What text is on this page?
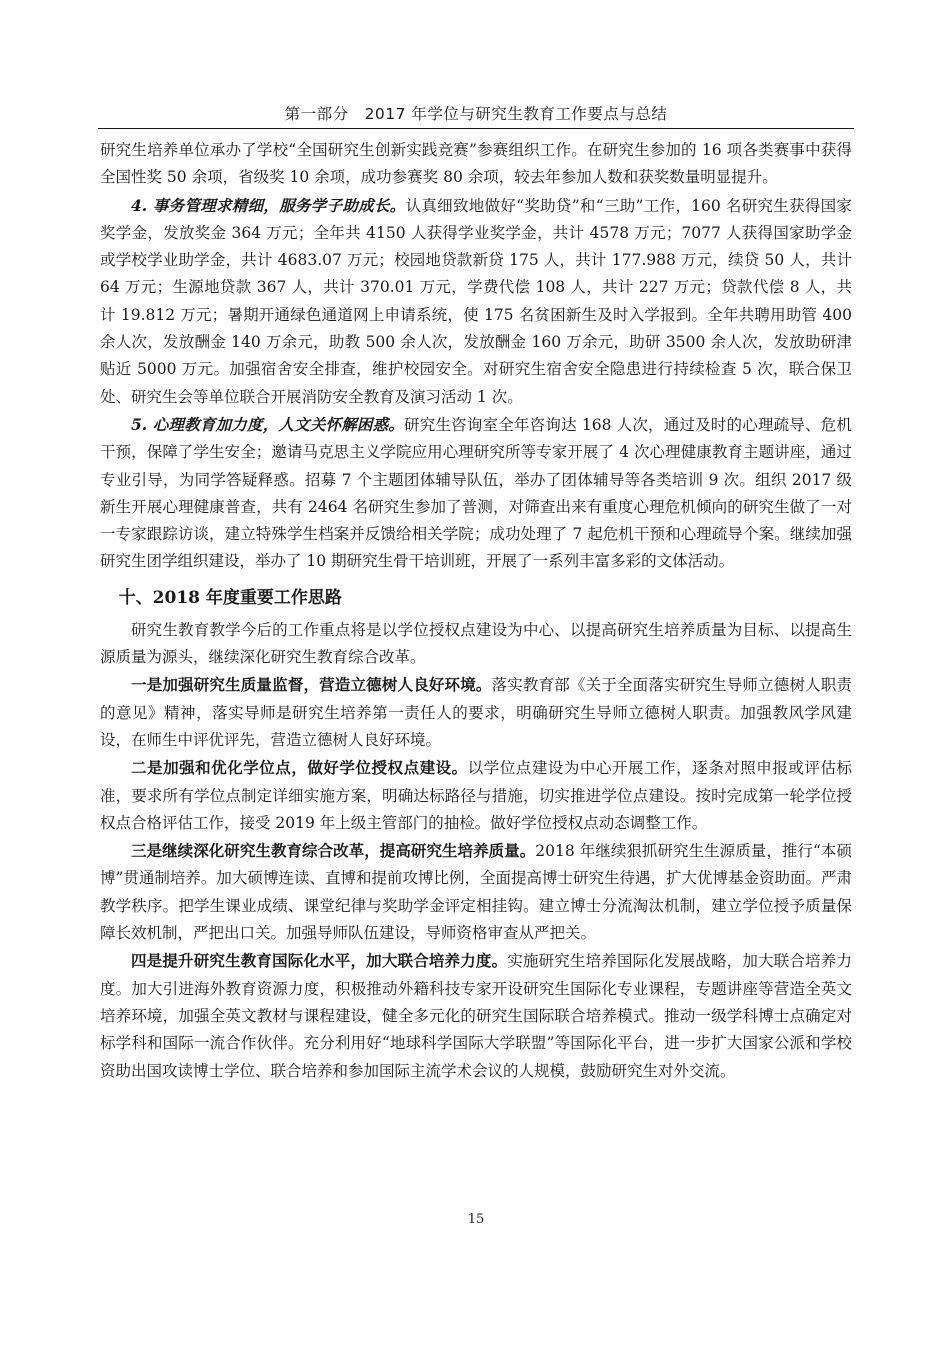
第一部分　2017 年学位与研究生教育工作要点与总结

研究生培养单位承办了学校“全国研究生创新实践竞赛”参赛组织工作。在研究生参加的 16 项各类赛事中获得全国性奖 50 余项，省级奖 10 余项，成功参赛奖 80 余项，较去年参加人数和获奖数量明显提升。

4. 事务管理求精细，服务学子助成长。认真细致地做好“奖助贷”和“三助”工作，160 名研究生获得国家奖学金，发放奖金 364 万元；全年共 4150 人获得学业奖学金，共计 4578 万元；7077 人获得国家助学金或学校学业助学金，共计 4683.07 万元；校园地贷款新贷 175 人，共计 177.988 万元，续贷 50 人，共计 64 万元；生源地贷款 367 人，共计 370.01 万元，学费代偿 108 人，共计 227 万元；贷款代偿 8 人，共计 19.812 万元；暑期开通绿色通道网上申请系统，使 175 名贫困新生及时入学报到。全年共聘用助管 400 余人次，发放酬金 140 万余元，助教 500 余人次，发放酬金 160 万余元，助研 3500 余人次，发放助研津贴近 5000 万元。加强宿舍安全排查，维护校园安全。对研究生宿舍安全隐患进行持续检查 5 次，联合保卫处、研究生会等单位联合开展消防安全教育及演习活动 1 次。

5. 心理教育加力度，人文关怀解困惑。研究生咨询室全年咨询达 168 人次，通过及时的心理疏导、危机干预，保障了学生安全；邀请马克思主义学院应用心理研究所等专家开展了 4 次心理健康教育主题讲座，通过专业引导，为同学答疑释惑。招募 7 个主题团体辅导队伍，举办了团体辅导等各类培训 9 次。组织 2017 级新生开展心理健康普查，共有 2464 名研究生参加了普测，对筛查出来有重度心理危机倾向的研究生做了一对一专家跟踪访谈，建立特殊学生档案并反馈给相关学院；成功处理了 7 起危机干预和心理疏导个案。继续加强研究生团学组织建设，举办了 10 期研究生骨干培训班，开展了一系列丰富多彩的文体活动。

十、2018 年度重要工作思路

研究生教育教学今后的工作重点将是以学位授权点建设为中心、以提高研究生培养质量为目标、以提高生源质量为源头，继续深化研究生教育综合改革。

一是加强研究生质量监督，营造立德树人良好环境。落实教育部《关于全面落实研究生导师立德树人职责的意见》精神，落实导师是研究生培养第一责任人的要求，明确研究生导师立德树人职责。加强教风学风建设，在师生中评优评先，营造立德树人良好环境。

二是加强和优化学位点，做好学位授权点建设。以学位点建设为中心开展工作，逐条对照申报或评估标准，要求所有学位点制定详细实施方案，明确达标路径与措施，切实推进学位点建设。按时完成第一轮学位授权点合格评估工作，接受 2019 年上级主管部门的抽检。做好学位授权点动态调整工作。

三是继续深化研究生教育综合改革，提高研究生培养质量。2018 年继续狠抓研究生生源质量，推行“本硕博”贯通制培养。加大硕博连读、直博和提前攻博比例，全面提高博士研究生待遇，扩大优博基金资助面。严肃教学秩序。把学生课业成绩、课堂纪律与奖助学金评定相挂钩。建立博士分流淘汰机制，建立学位授予质量保障长效机制，严把出口关。加强导师队伍建设，导师资格审查从严把关。

四是提升研究生教育国际化水平，加大联合培养力度。实施研究生培养国际化发展战略，加大联合培养力度。加大引进海外教育资源力度，积极推动外籍科技专家开设研究生国际化专业课程，专题讲座等营造全英文培养环境，加强全英文教材与课程建设，健全多元化的研究生国际联合培养模式。推动一级学科博士点确定对标学科和国际一流合作伙伴。充分利用好“地球科学国际大学联盟”等国际化平台，进一步扩大国家公派和学校资助出国攻读博士学位、联合培养和参加国际主流学术会议的人规模，鼓励研究生对外交流。

15
